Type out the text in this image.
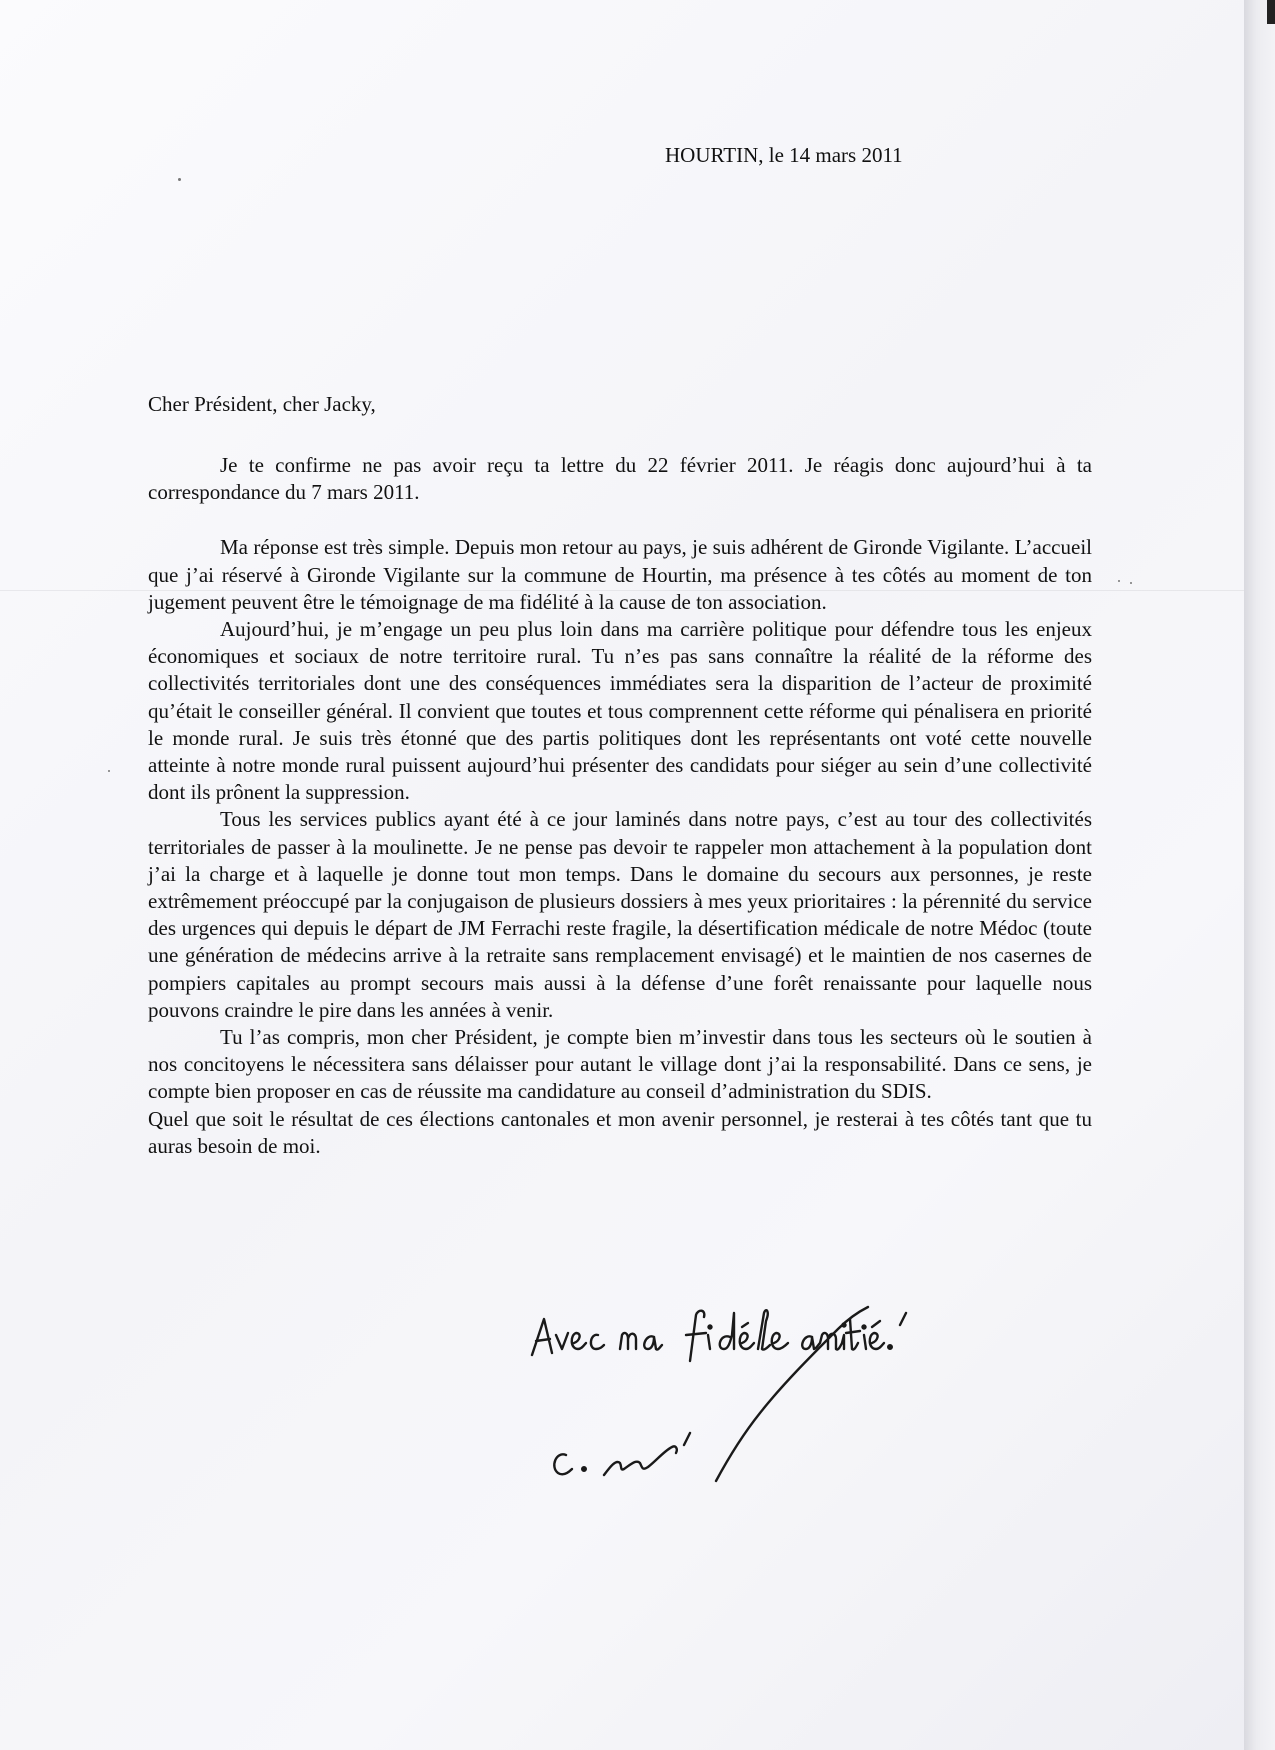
HOURTIN, le 14 mars 2011
Cher Président, cher Jacky,

Je te confirme ne pas avoir reçu ta lettre du 22 février 2011. Je réagis donc aujourd’hui à ta correspondance du 7 mars 2011.

Ma réponse est très simple. Depuis mon retour au pays, je suis adhérent de Gironde Vigilante. L’accueil que j’ai réservé à Gironde Vigilante sur la commune de Hourtin, ma présence à tes côtés au moment de ton jugement peuvent être le témoignage de ma fidélité à la cause de ton association.

Aujourd’hui, je m’engage un peu plus loin dans ma carrière politique pour défendre tous les enjeux économiques et sociaux de notre territoire rural. Tu n’es pas sans connaître la réalité de la réforme des collectivités territoriales dont une des conséquences immédiates sera la disparition de l’acteur de proximité qu’était le conseiller général. Il convient que toutes et tous comprennent cette réforme qui pénalisera en priorité le monde rural. Je suis très étonné que des partis politiques dont les représentants ont voté cette nouvelle atteinte à notre monde rural puissent aujourd’hui présenter des candidats pour siéger au sein d’une collectivité dont ils prônent la suppression.

Tous les services publics ayant été à ce jour laminés dans notre pays, c’est au tour des collectivités territoriales de passer à la moulinette. Je ne pense pas devoir te rappeler mon attachement à la population dont j’ai la charge et à laquelle je donne tout mon temps. Dans le domaine du secours aux personnes, je reste extrêmement préoccupé par la conjugaison de plusieurs dossiers à mes yeux prioritaires : la pérennité du service des urgences qui depuis le départ de JM Ferrachi reste fragile, la désertification médicale de notre Médoc (toute une génération de médecins arrive à la retraite sans remplacement envisagé) et le maintien de nos casernes de pompiers capitales au prompt secours mais aussi à la défense d’une forêt renaissante pour laquelle nous pouvons craindre le pire dans les années à venir.

Tu l’as compris, mon cher Président, je compte bien m’investir dans tous les secteurs où le soutien à nos concitoyens le nécessitera sans délaisser pour autant le village dont j’ai la responsabilité. Dans ce sens, je compte bien proposer en cas de réussite ma candidature au conseil d’administration du SDIS.

Quel que soit le résultat de ces élections cantonales et mon avenir personnel, je resterai à tes côtés tant que tu auras besoin de moi.
